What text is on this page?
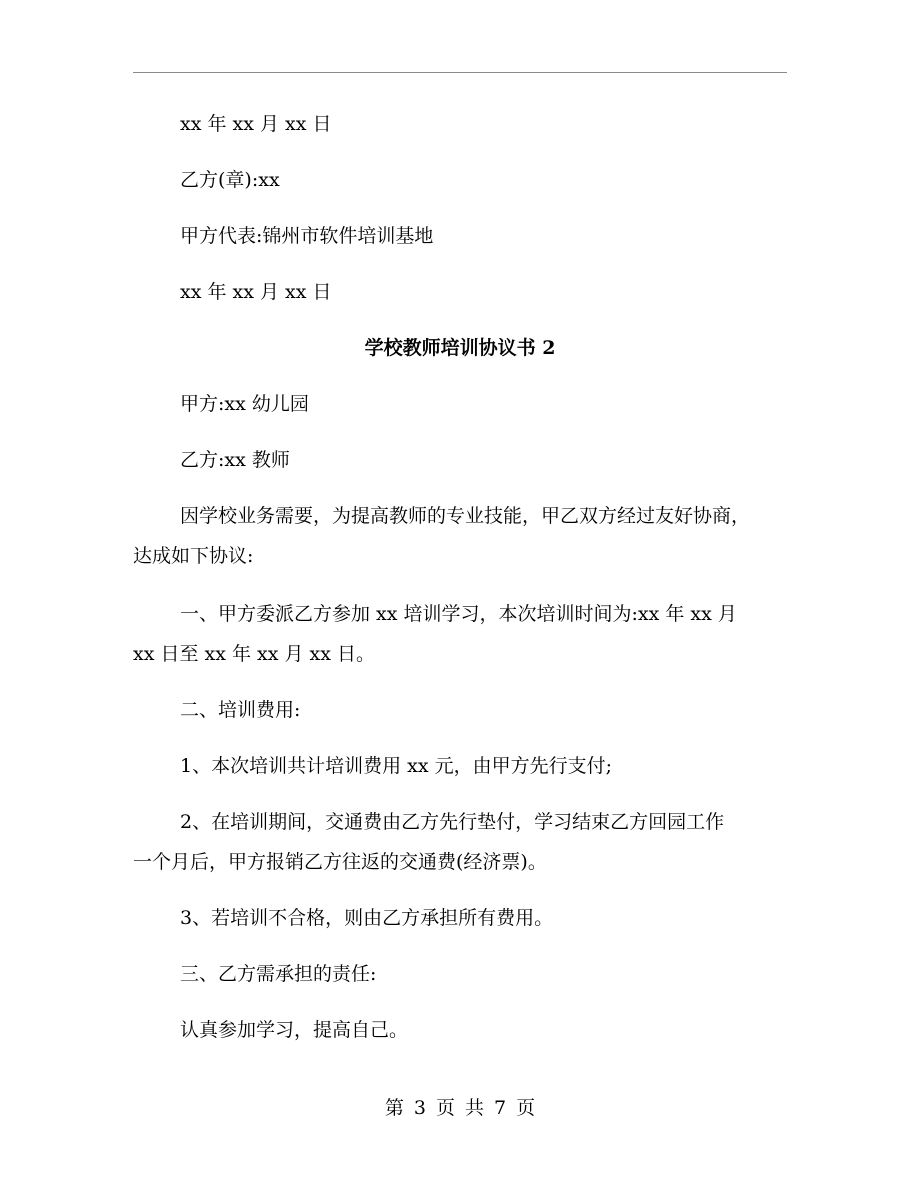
xx 年 xx 月 xx 日
乙方(章):xx
甲方代表:锦州市软件培训基地
xx 年 xx 月 xx 日
学校教师培训协议书 2
甲方:xx 幼儿园
乙方:xx 教师
因学校业务需要，为提高教师的专业技能，甲乙双方经过友好协商，
达成如下协议:
一、甲方委派乙方参加 xx 培训学习，本次培训时间为:xx 年 xx 月
xx 日至 xx 年 xx 月 xx 日。
二、培训费用:
1、本次培训共计培训费用 xx 元，由甲方先行支付;
2、在培训期间，交通费由乙方先行垫付，学习结束乙方回园工作
一个月后，甲方报销乙方往返的交通费(经济票)。
3、若培训不合格，则由乙方承担所有费用。
三、乙方需承担的责任:
认真参加学习，提高自己。
第 3 页 共 7 页
